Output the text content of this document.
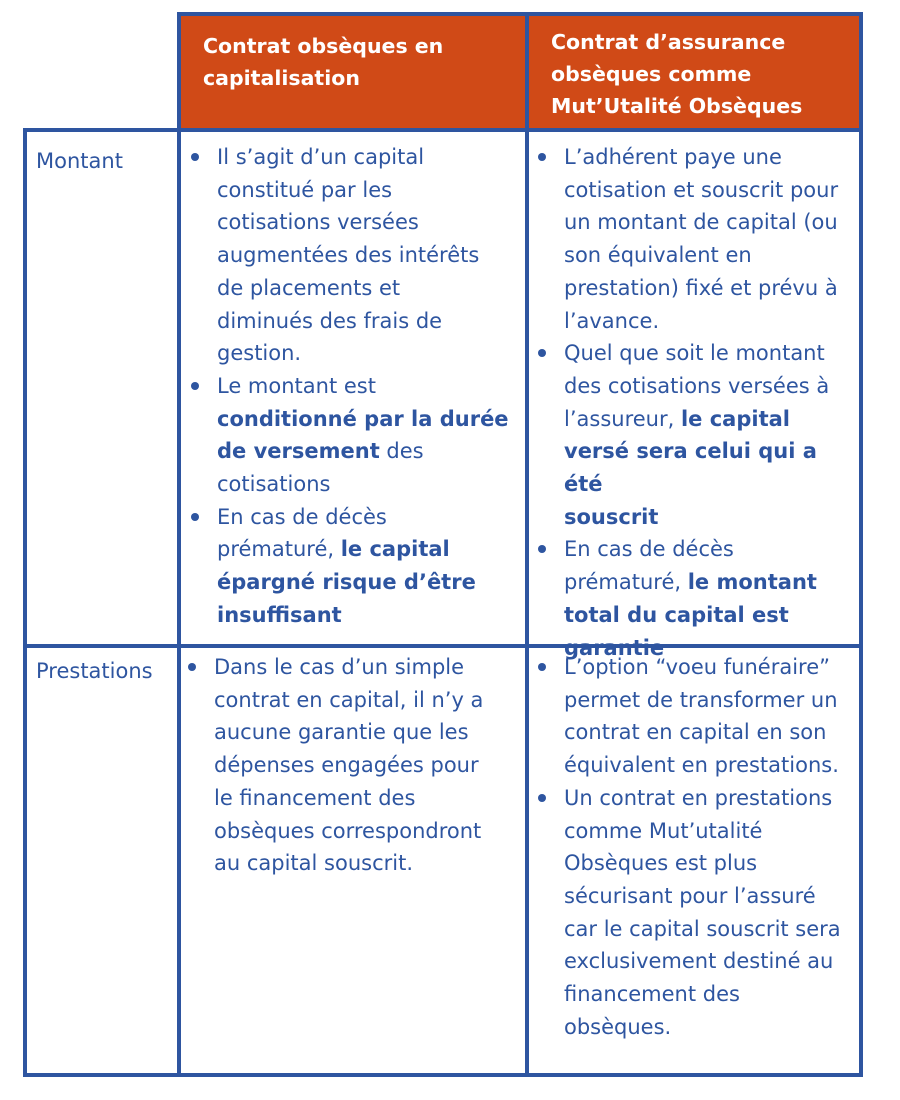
Contrat obsèques en
capitalisation
Contrat d’assurance
obsèques comme
Mut’Utalité Obsèques
Montant
Prestations
Il s’agit d’un capital
constitué par les
cotisations versées
augmentées des intérêts
de placements et
diminués des frais de
gestion.
Le montant est
conditionné par la durée
de versement des
cotisations
En cas de décès
prématuré, le capital
épargné risque d’être
insuffisant
L’adhérent paye une
cotisation et souscrit pour
un montant de capital (ou
son équivalent en
prestation) fixé et prévu à
l’avance.
Quel que soit le montant
des cotisations versées à
l’assureur, le capital
versé sera celui qui a été
souscrit
En cas de décès
prématuré, le montant
total du capital est
garantie
Dans le cas d’un simple
contrat en capital, il n’y a
aucune garantie que les
dépenses engagées pour
le financement des
obsèques correspondront
au capital souscrit.
L’option “voeu funéraire”
permet de transformer un
contrat en capital en son
équivalent en prestations.
Un contrat en prestations
comme Mut’utalité
Obsèques est plus
sécurisant pour l’assuré
car le capital souscrit sera
exclusivement destiné au
financement des
obsèques.
